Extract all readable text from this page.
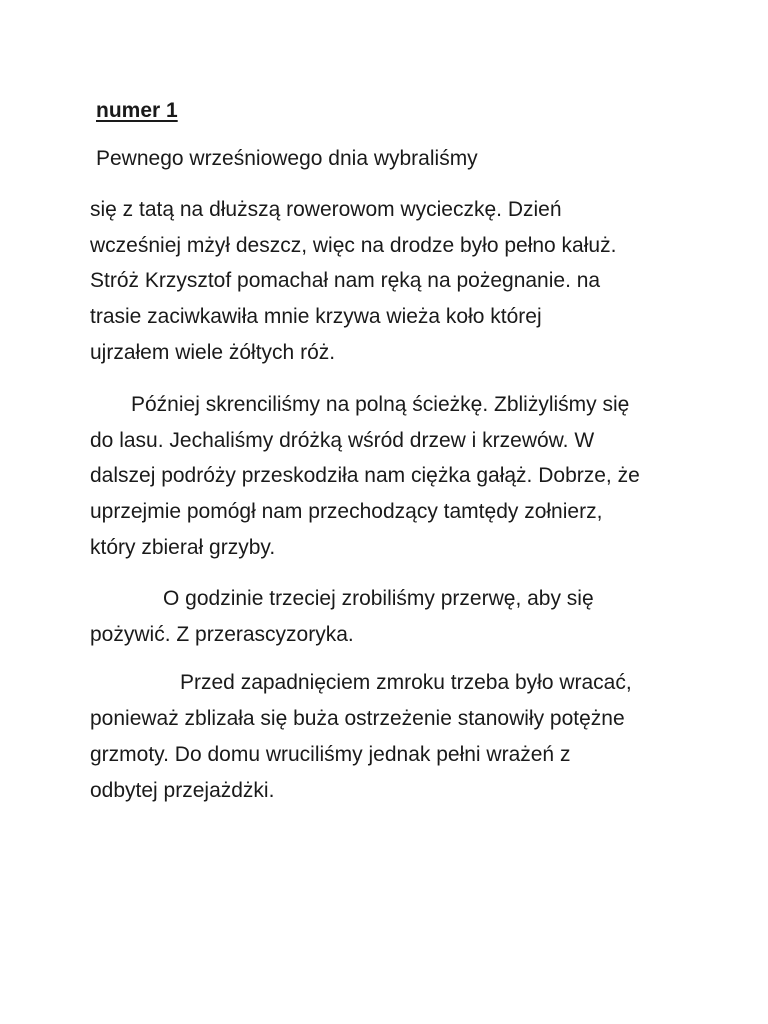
numer 1
Pewnego wrześniowego dnia wybraliśmy
się z tatą na dłuższą rowerowom wycieczkę. Dzień
wcześniej mżył deszcz, więc na drodze było pełno kałuż.
Stróż Krzysztof pomachał nam ręką na pożegnanie. na
trasie zaciwkawiła mnie krzywa wieża koło której
ujrzałem wiele żółtych róż.
Później skrenciliśmy na polną ścieżkę. Zbliżyliśmy się
do lasu. Jechaliśmy dróżką wśród drzew i krzewów. W
dalszej podróży przeskodziła nam ciężka gałąż. Dobrze, że
uprzejmie pomógł nam przechodzący tamtędy zołnierz,
który zbierał grzyby.
O godzinie trzeciej zrobiliśmy przerwę, aby się
pożywić. Z przerascyzoryka.
Przed zapadnięciem zmroku trzeba było wracać,
ponieważ zblizała się buża ostrzeżenie stanowiły potężne
grzmoty. Do domu wruciliśmy jednak pełni wrażeń z
odbytej przejażdżki.
